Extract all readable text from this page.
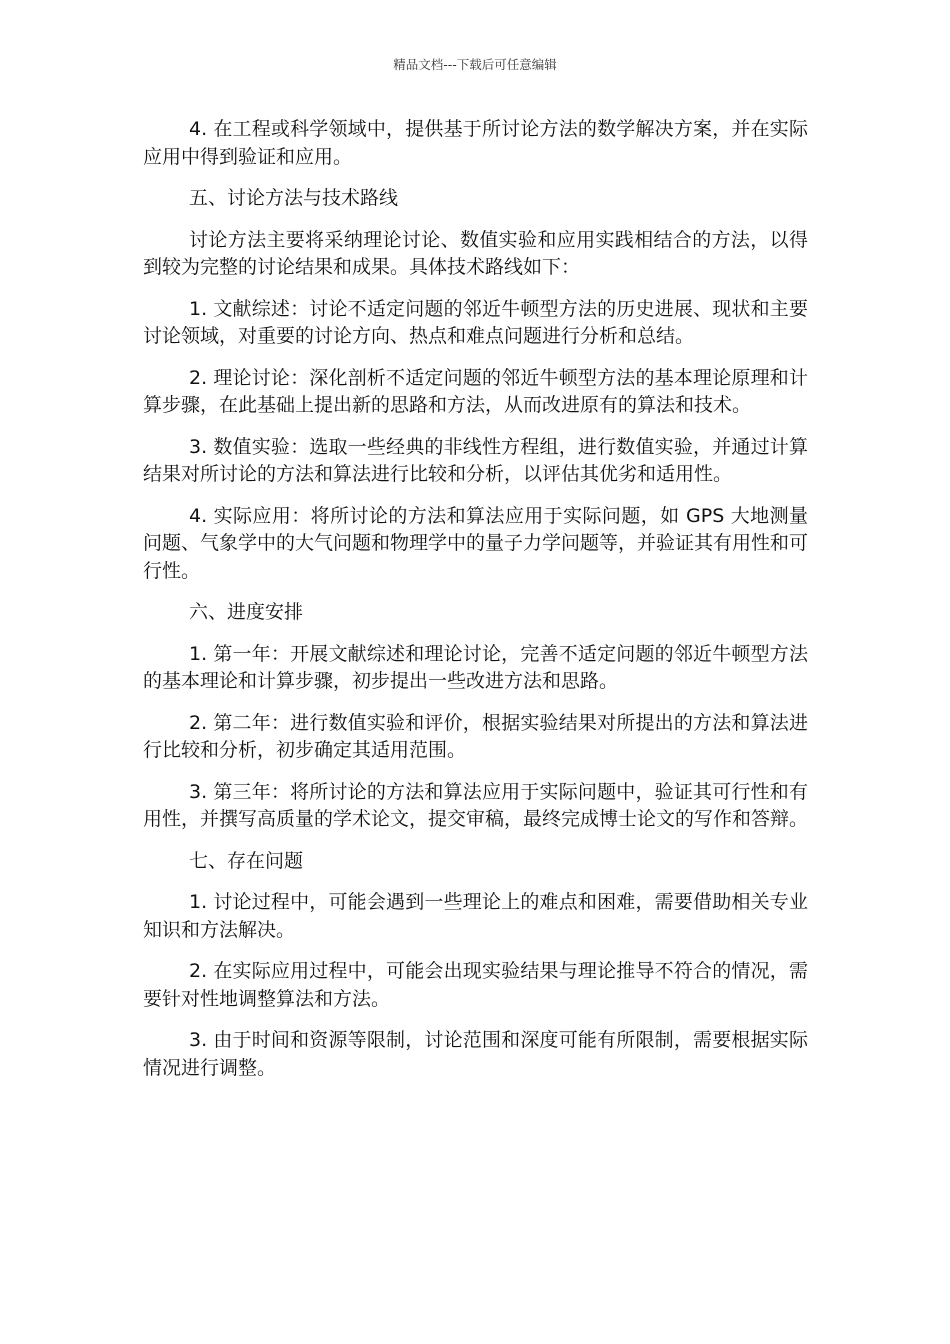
精品文档---下载后可任意编辑

4. 在工程或科学领域中，提供基于所讨论方法的数学解决方案，并在实际应用中得到验证和应用。

五、讨论方法与技术路线

讨论方法主要将采纳理论讨论、数值实验和应用实践相结合的方法，以得到较为完整的讨论结果和成果。具体技术路线如下：

1. 文献综述：讨论不适定问题的邻近牛顿型方法的历史进展、现状和主要讨论领域，对重要的讨论方向、热点和难点问题进行分析和总结。

2. 理论讨论：深化剖析不适定问题的邻近牛顿型方法的基本理论原理和计算步骤，在此基础上提出新的思路和方法，从而改进原有的算法和技术。

3. 数值实验：选取一些经典的非线性方程组，进行数值实验，并通过计算结果对所讨论的方法和算法进行比较和分析，以评估其优劣和适用性。

4. 实际应用：将所讨论的方法和算法应用于实际问题，如 GPS 大地测量问题、气象学中的大气问题和物理学中的量子力学问题等，并验证其有用性和可行性。

六、进度安排

1. 第一年：开展文献综述和理论讨论，完善不适定问题的邻近牛顿型方法的基本理论和计算步骤，初步提出一些改进方法和思路。

2. 第二年：进行数值实验和评价，根据实验结果对所提出的方法和算法进行比较和分析，初步确定其适用范围。

3. 第三年：将所讨论的方法和算法应用于实际问题中，验证其可行性和有用性，并撰写高质量的学术论文，提交审稿，最终完成博士论文的写作和答辩。

七、存在问题

1. 讨论过程中，可能会遇到一些理论上的难点和困难，需要借助相关专业知识和方法解决。

2. 在实际应用过程中，可能会出现实验结果与理论推导不符合的情况，需要针对性地调整算法和方法。

3. 由于时间和资源等限制，讨论范围和深度可能有所限制，需要根据实际情况进行调整。
